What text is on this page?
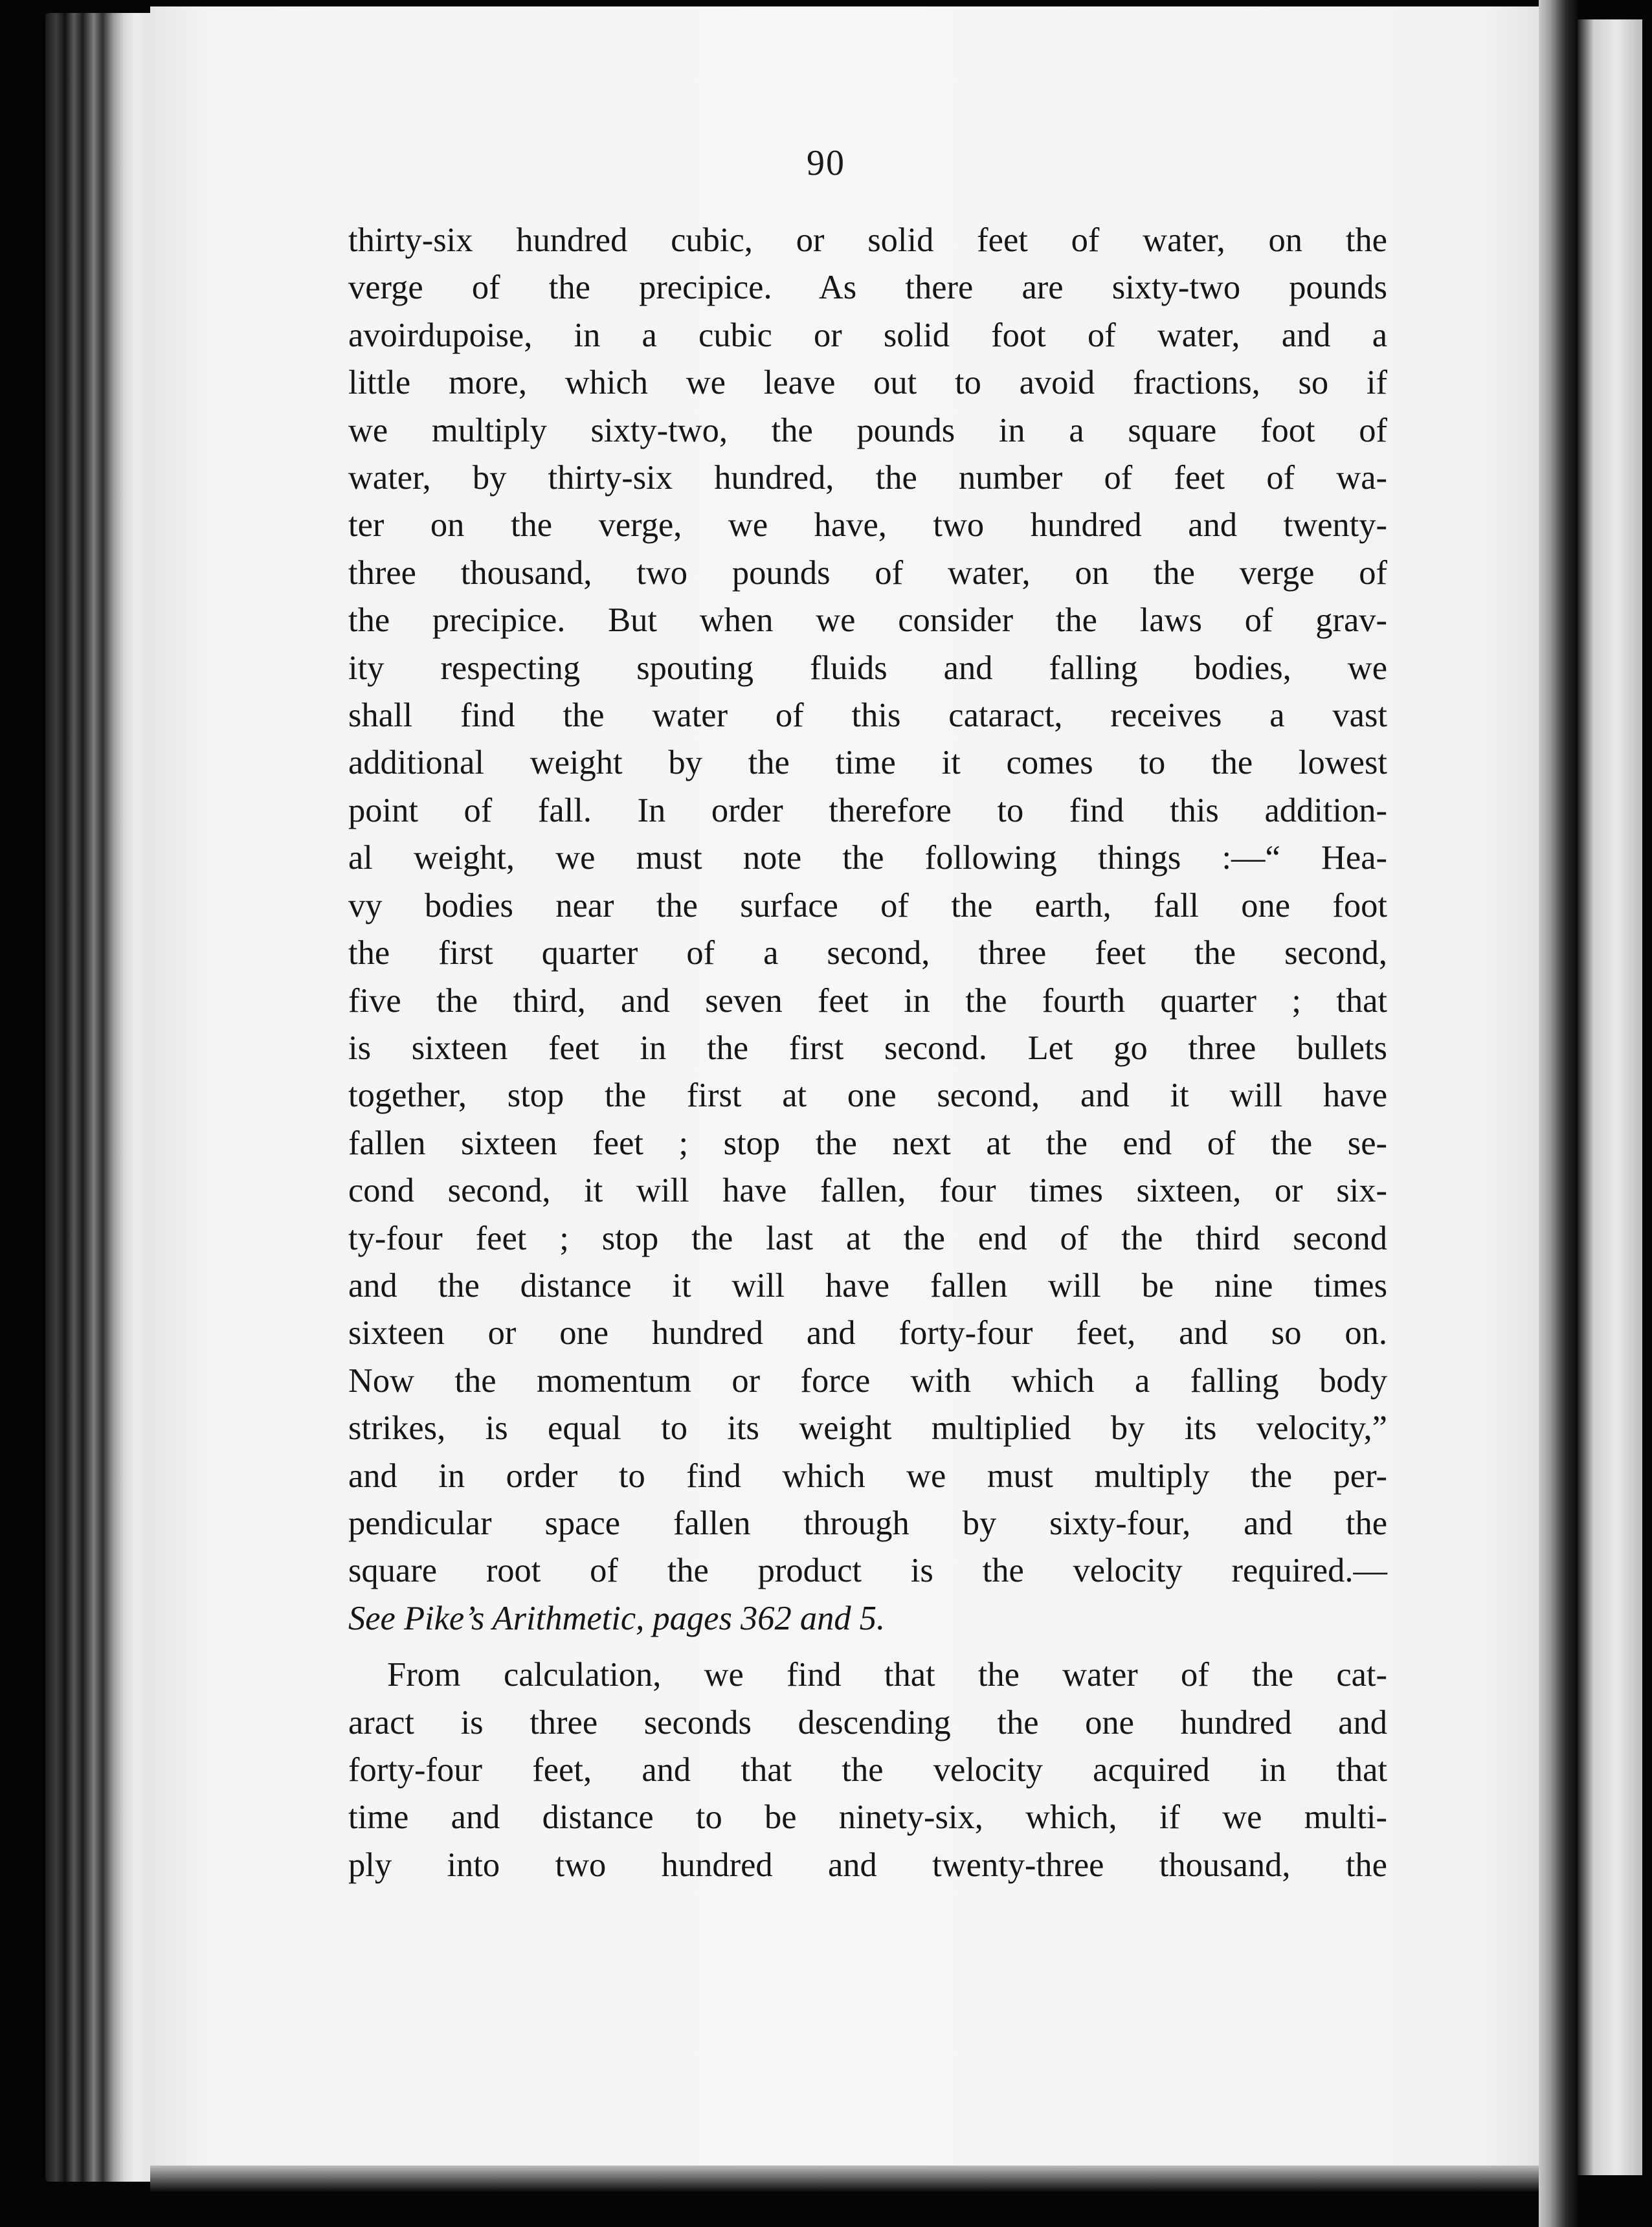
90
thirty-six hundred cubic, or solid feet of water, on the
verge of the precipice. As there are sixty-two pounds
avoirdupoise, in a cubic or solid foot of water, and a
little more, which we leave out to avoid fractions, so if
we multiply sixty-two, the pounds in a square foot of
water, by thirty-six hundred, the number of feet of wa-
ter on the verge, we have, two hundred and twenty-
three thousand, two pounds of water, on the verge of
the precipice. But when we consider the laws of grav-
ity respecting spouting fluids and falling bodies, we
shall find the water of this cataract, receives a vast
additional weight by the time it comes to the lowest
point of fall. In order therefore to find this addition-
al weight, we must note the following things :—“ Hea-
vy bodies near the surface of the earth, fall one foot
the first quarter of a second, three feet the second,
five the third, and seven feet in the fourth quarter ; that
is sixteen feet in the first second. Let go three bullets
together, stop the first at one second, and it will have
fallen sixteen feet ; stop the next at the end of the se-
cond second, it will have fallen, four times sixteen, or six-
ty-four feet ; stop the last at the end of the third second
and the distance it will have fallen will be nine times
sixteen or one hundred and forty-four feet, and so on.
Now the momentum or force with which a falling body
strikes, is equal to its weight multiplied by its velocity,”
and in order to find which we must multiply the per-
pendicular space fallen through by sixty-four, and the
square root of the product is the velocity required.—
See Pike’s Arithmetic, pages 362 and 5.
From calculation, we find that the water of the cat-
aract is three seconds descending the one hundred and
forty-four feet, and that the velocity acquired in that
time and distance to be ninety-six, which, if we multi-
ply into two hundred and twenty-three thousand, the
